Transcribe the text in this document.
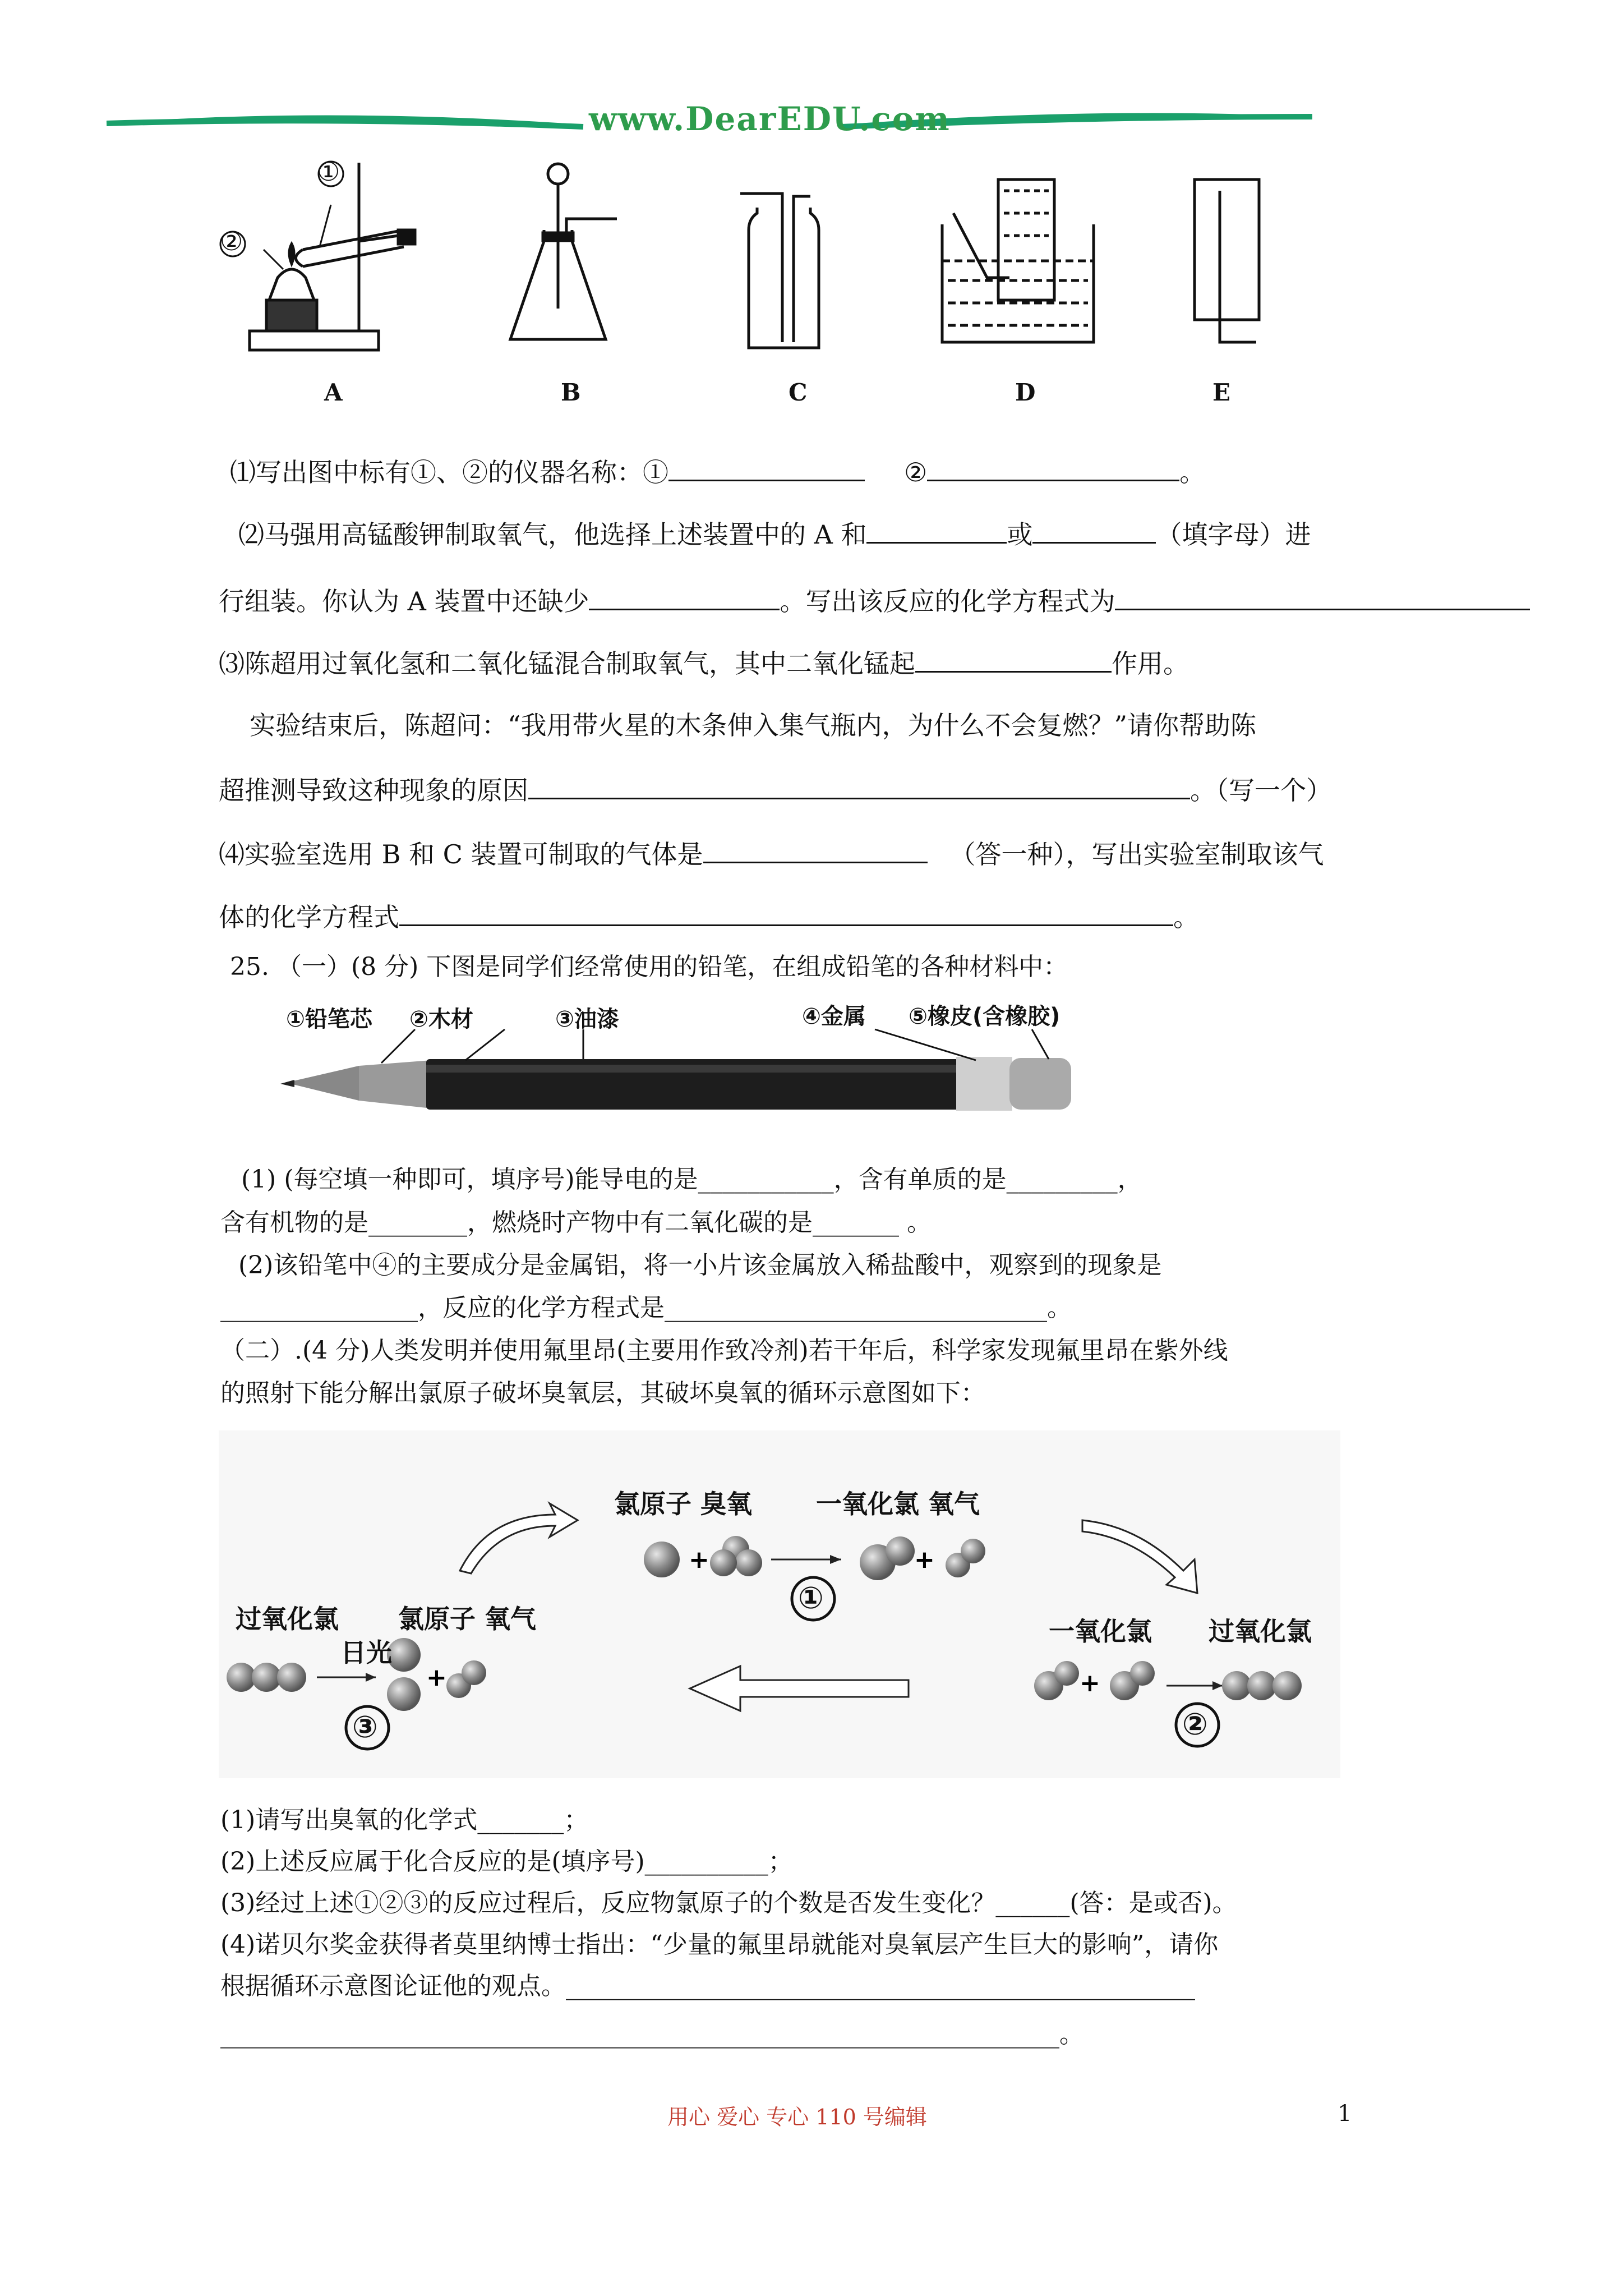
www.DearEDU.com
①
②
A	B	C	D	E
⑴写出图中标有①、②的仪器名称：①	②	。
⑵马强用高锰酸钾制取氧气，他选择上述装置中的 A 和	或	（填字母）进
行组装。你认为 A 装置中还缺少	。写出该反应的化学方程式为
⑶陈超用过氧化氢和二氧化锰混合制取氧气，其中二氧化锰起	作用。
实验结束后，陈超问：“我用带火星的木条伸入集气瓶内，为什么不会复燃？”请你帮助陈
超推测导致这种现象的原因	。（写一个）
⑷实验室选用 B 和 C 装置可制取的气体是	（答一种），写出实验室制取该气
体的化学方程式	。
25. （一）(8 分) 下图是同学们经常使用的铅笔，在组成铅笔的各种材料中：
①铅笔芯 ②木材	③油漆	④金属 ⑤橡皮(含橡胶)
(1) (每空填一种即可，填序号)能导电的是___________，含有单质的是_________，
含有机物的是________，燃烧时产物中有二氧化碳的是_______ 。
(2)该铅笔中④的主要成分是金属铝，将一小片该金属放入稀盐酸中，观察到的现象是
________________，反应的化学方程式是_______________________________。
（二）.(4 分)人类发明并使用氟里昂(主要用作致冷剂)若干年后，科学家发现氟里昂在紫外线
的照射下能分解出氯原子破坏臭氧层，其破坏臭氧的循环示意图如下：
+	+
+	+
氯原子 臭氧 一氧化氯 氧气
过氧化氯 氯原子 氧气
日光
一氧化氯 过氧化氯
①
②
③
(1)请写出臭氧的化学式_______；
(2)上述反应属于化合反应的是(填序号)__________；
(3)经过上述①②③的反应过程后，反应物氯原子的个数是否发生变化？______(答：是或否)。
(4)诺贝尔奖金获得者莫里纳博士指出：“少量的氟里昂就能对臭氧层产生巨大的影响”，请你
根据循环示意图论证他的观点。___________________________________________________
____________________________________________________________________。
用心 爱心 专心 110 号编辑	1
